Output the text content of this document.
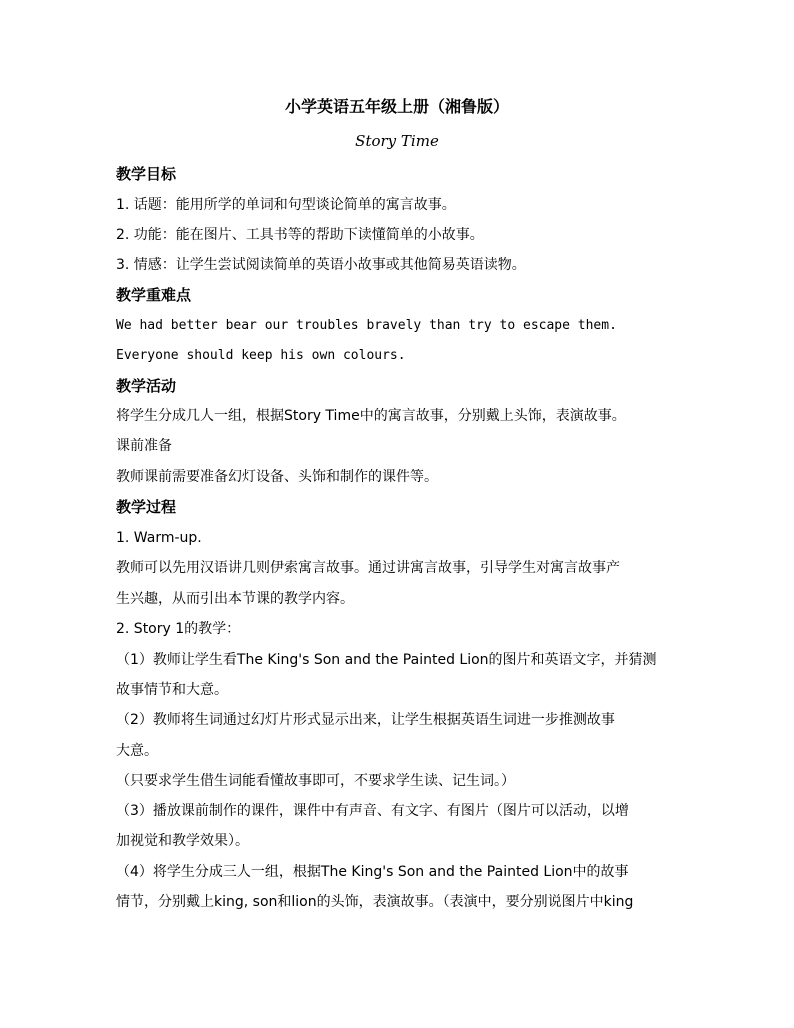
小学英语五年级上册（湘鲁版）
Story Time
教学目标
1. 话题：能用所学的单词和句型谈论简单的寓言故事。
2. 功能：能在图片、工具书等的帮助下读懂简单的小故事。
3. 情感：让学生尝试阅读简单的英语小故事或其他简易英语读物。
教学重难点
We had better bear our troubles bravely than try to escape them.
Everyone should keep his own colours.
教学活动
将学生分成几人一组，根据Story Time中的寓言故事，分别戴上头饰，表演故事。
课前准备
教师课前需要准备幻灯设备、头饰和制作的课件等。
教学过程
1. Warm-up.
教师可以先用汉语讲几则伊索寓言故事。通过讲寓言故事，引导学生对寓言故事产
生兴趣，从而引出本节课的教学内容。
2. Story 1的教学：
（1）教师让学生看The King's Son and the Painted Lion的图片和英语文字，并猜测
故事情节和大意。
（2）教师将生词通过幻灯片形式显示出来，让学生根据英语生词进一步推测故事
大意。
（只要求学生借生词能看懂故事即可，不要求学生读、记生词。）
（3）播放课前制作的课件，课件中有声音、有文字、有图片（图片可以活动，以增
加视觉和教学效果）。
（4）将学生分成三人一组，根据The King's Son and the Painted Lion中的故事
情节，分别戴上king, son和lion的头饰，表演故事。（表演中，要分别说图片中king
